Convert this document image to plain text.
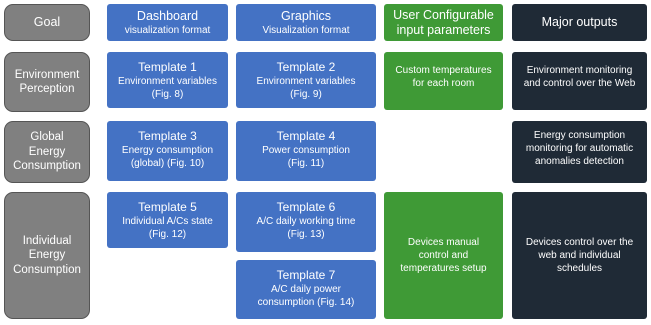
Goal	Dashboard
visualization format
Graphics
Visualization format
User Configurable
input parameters
Major outputs
Environment
Perception
Template 1
Environment variables
(Fig. 8)
Template 2
Environment variables
(Fig. 9)
Custom temperatures
for each room
Environment monitoring
and control over the Web
Global
Energy
Consumption
Template 3
Energy consumption
(global) (Fig. 10)
Template 4
Power consumption
(Fig. 11)
Energy consumption
monitoring for automatic
anomalies detection
Individual
Energy
Consumption
Template 5
Individual A/Cs state
(Fig. 12)
Template 6
A/C daily working time
(Fig. 13)
Template 7
A/C daily power
consumption (Fig. 14)
Devices manual
control and
temperatures setup
Devices control over the
web and individual
schedules
